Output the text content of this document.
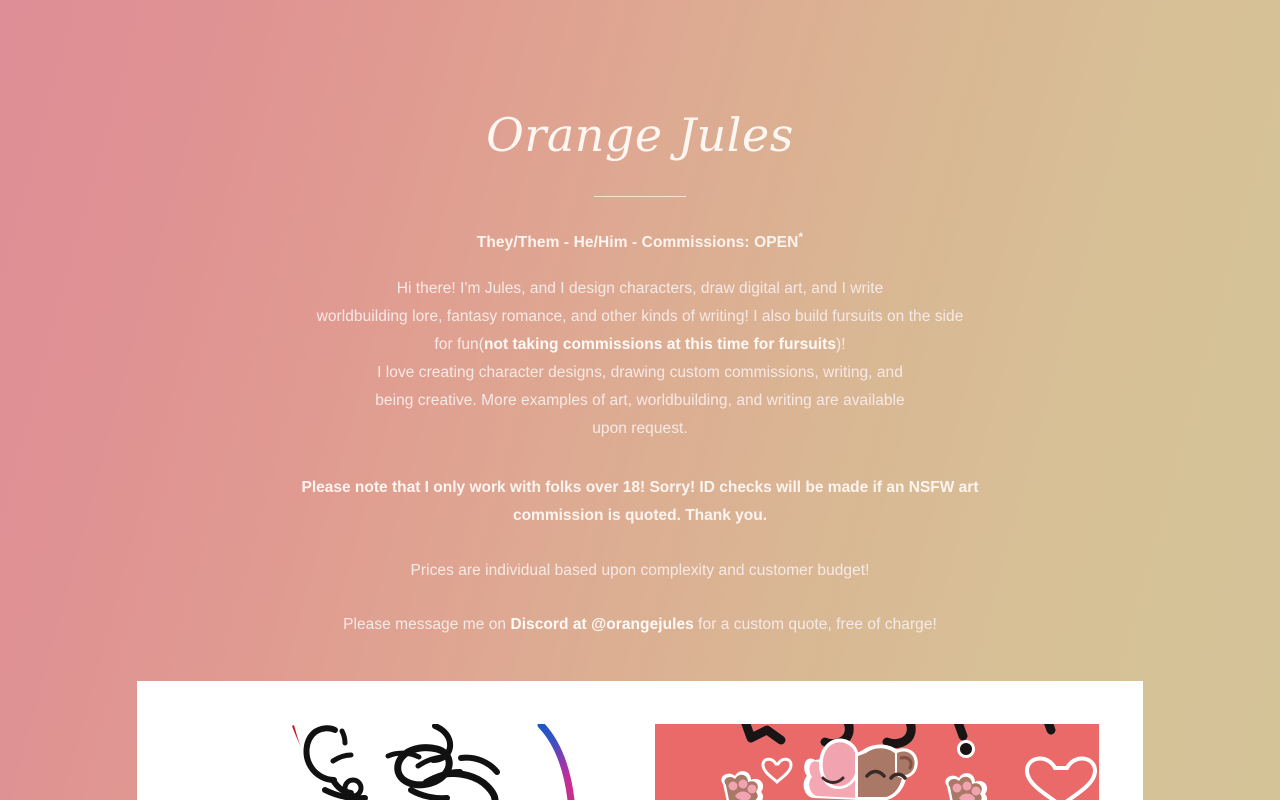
Orange Jules

They/Them - He/Him - Commissions: OPEN*

Hi there! I'm Jules, and I design characters, draw digital art, and I write
worldbuilding lore, fantasy romance, and other kinds of writing! I also build fursuits on the side
for fun(not taking commissions at this time for fursuits)!

I love creating character designs, drawing custom commissions, writing, and
being creative. More examples of art, worldbuilding, and writing are available
upon request.

Please note that I only work with folks over 18! Sorry! ID checks will be made if an NSFW art commission is quoted. Thank you.

Prices are individual based upon complexity and customer budget!

Please message me on Discord at @orangejules for a custom quote, free of charge!
